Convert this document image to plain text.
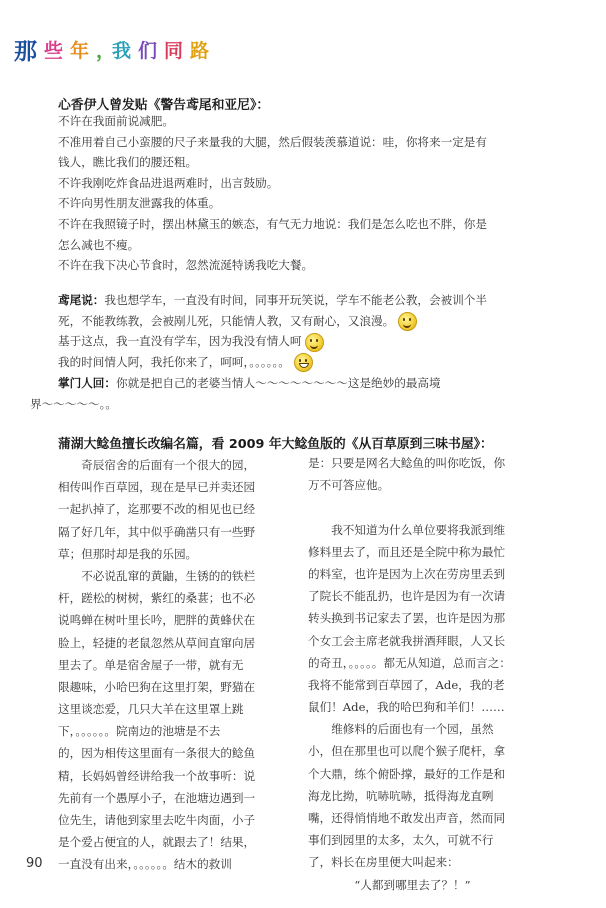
那 些 年 ，
我 们 同 路
心香伊人曾发贴《警告鸢尾和亚尼》：
不许在我面前说减肥。
不准用着自己小蛮腰的尺子来量我的大腿，然后假装羡慕道说：哇，你将来一定是有
钱人，瞧比我们的腰还粗。
不许我刚吃炸食品进退两难时，出言鼓励。
不许向男性朋友泄露我的体重。
不许在我照镜子时，摆出林黛玉的嫉态，有气无力地说：我们是怎么吃也不胖，你是
怎么减也不瘦。
不许在我下决心节食时，忽然流涎特诱我吃大餐。
鸢尾说：我也想学车，一直没有时间，同事开玩笑说，学车不能老公教，会被训个半
死，不能教练教，会被剐儿死，只能情人教，又有耐心，又浪漫。
基于这点，我一直没有学车，因为我没有情人呵
我的时间情人阿，我托你来了，呵呵，。。。。。。
掌门人回：你就是把自己的老婆当情人～～～～～～～～这是绝妙的最高境
界～～～～～。。
蒲湖大鲶鱼擅长改编名篇，看 2009 年大鲶鱼版的《从百草原到三味书屋》：
　　奇辰宿舍的后面有一个很大的园，
相传叫作百草园，现在是早已并卖还园
一起扒掉了，迄那要不改的相见也已经
隔了好几年，其中似乎确凿只有一些野
草；但那时却是我的乐园。
　　不必说乱窜的黄鼬，生锈的的铁栏
杆，蹉松的树树，紫红的桑葚；也不必
说鸣蝉在树叶里长吟，肥胖的黄蜂伏在
脸上，轻捷的老鼠忽然从草间直窜向居
里去了。单是宿舍屋子一带，就有无
限趣味，小哈巴狗在这里打架，野猫在
这里谈恋爱，几只大羊在这里罩上跳
下，。。。。。。院南边的池塘是不去
的，因为相传这里面有一条很大的鲶鱼
精，长妈妈曾经讲给我一个故事听：说
先前有一个愚厚小子，在池塘边遇到一
位先生，请他到家里去吃牛肉面，小子
是个爱占便宜的人，就跟去了！结果，
一直没有出来，。。。。。。结木的救训
是：只要是网名大鲶鱼的叫你吃饭，你
万不可答应他。
　　我不知道为什么单位要将我派到维
修料里去了，而且还是全院中称为最忙
的料室，也许是因为上次在劳房里丢到
了院长不能乱扔，也许是因为有一次请
转头换到书记家去了罢，也许是因为那
个女工会主席老就我拼酒拜眼，人又长
的奇丑，。。。。。都无从知道，总而言之：
我将不能常到百草园了，Ade，我的老
鼠们！Ade，我的哈巴狗和羊们！……
　　维修料的后面也有一个园，虽然
小，但在那里也可以爬个猴子爬杆，拿
个大鼎，练个俯卧撑，最好的工作是和
海龙比拗，吭哧吭哧，抵得海龙直咧
嘴，还得悄悄地不敢发出声音，然而同
事们到园里的太多，太久，可就不行
了，料长在房里便大叫起来：
　　　　“人都到哪里去了？！”
90
